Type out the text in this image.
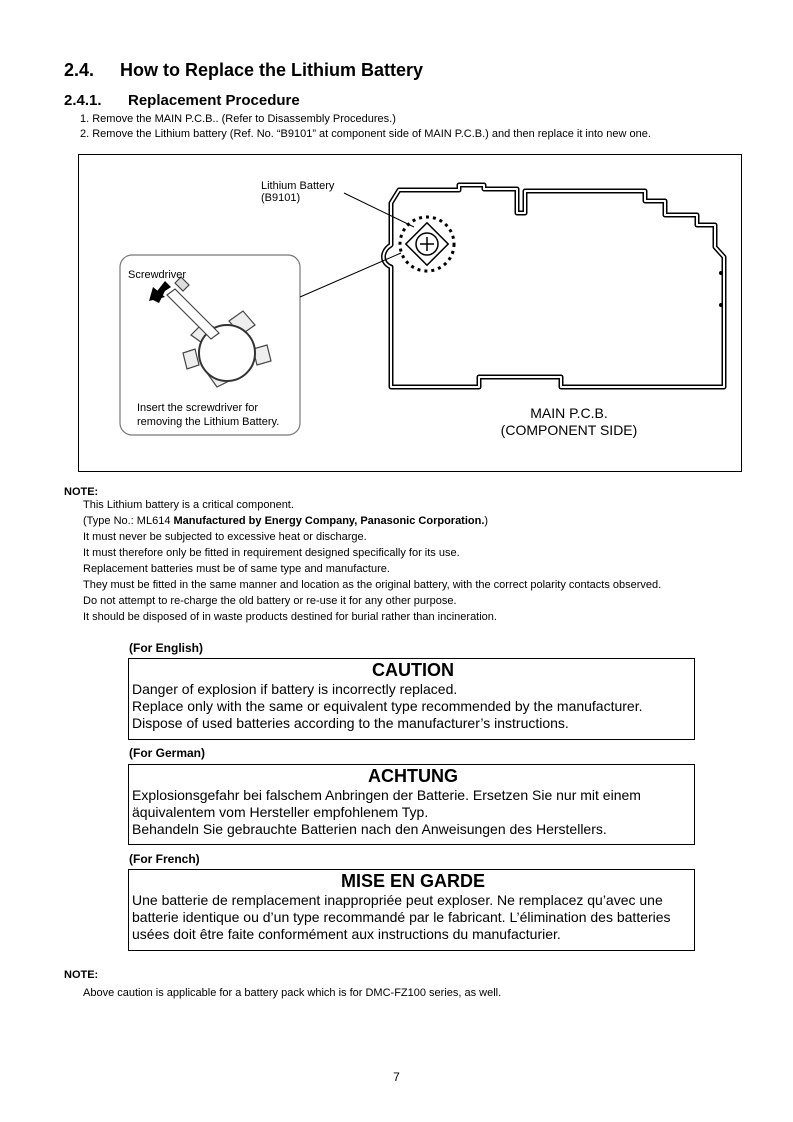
2.4. How to Replace the Lithium Battery
2.4.1. Replacement Procedure
1. Remove the MAIN P.C.B.. (Refer to Disassembly Procedures.)
2. Remove the Lithium battery (Ref. No. “B9101” at component side of MAIN P.C.B.) and then replace it into new one.
Lithium Battery
(B9101)
Screwdriver
Insert the screwdriver for
removing the Lithium Battery.
MAIN P.C.B.
(COMPONENT SIDE)
NOTE:
This Lithium battery is a critical component.
(Type No.: ML614 Manufactured by Energy Company, Panasonic Corporation.)
It must never be subjected to excessive heat or discharge.
It must therefore only be fitted in requirement designed specifically for its use.
Replacement batteries must be of same type and manufacture.
They must be fitted in the same manner and location as the original battery, with the correct polarity contacts observed.
Do not attempt to re-charge the old battery or re-use it for any other purpose.
It should be disposed of in waste products destined for burial rather than incineration.
(For English)
CAUTION
Danger of explosion if battery is incorrectly replaced.
Replace only with the same or equivalent type recommended by the manufacturer.
Dispose of used batteries according to the manufacturer’s instructions.
(For German)
ACHTUNG
Explosionsgefahr bei falschem Anbringen der Batterie. Ersetzen Sie nur mit einem
äquivalentem vom Hersteller empfohlenem Typ.
Behandeln Sie gebrauchte Batterien nach den Anweisungen des Herstellers.
(For French)
MISE EN GARDE
Une batterie de remplacement inappropriée peut exploser. Ne remplacez qu’avec une
batterie identique ou d’un type recommandé par le fabricant. L’élimination des batteries
usées doit être faite conformément aux instructions du manufacturier.
NOTE:
Above caution is applicable for a battery pack which is for DMC-FZ100 series, as well.
7
